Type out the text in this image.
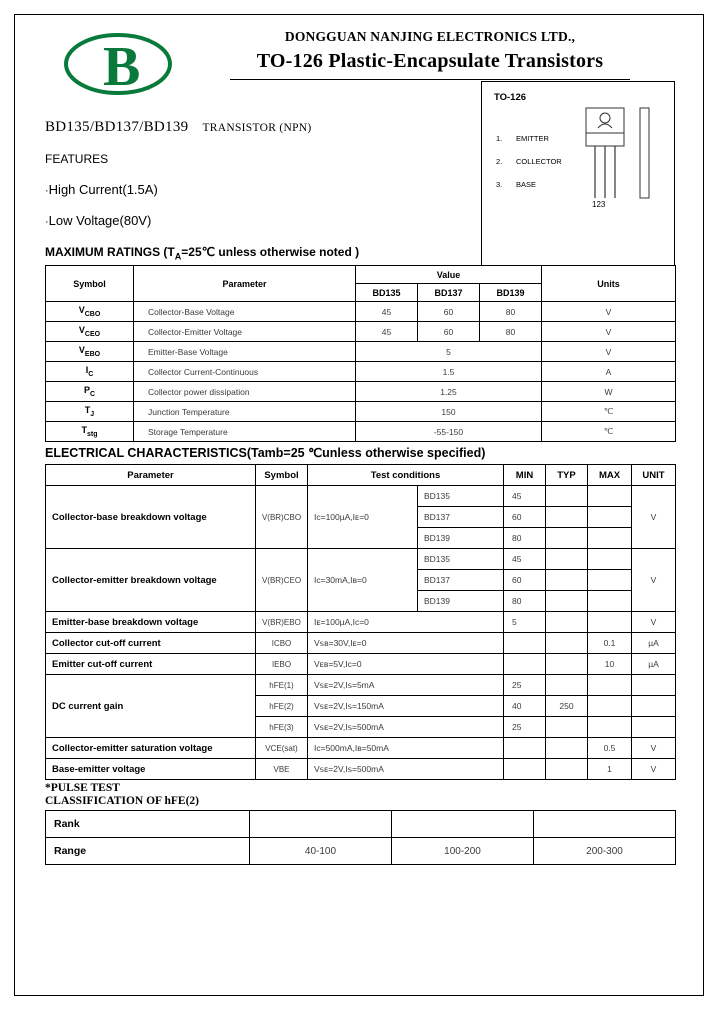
B	DONGGUAN NANJING ELECTRONICS LTD.,
TO-126 Plastic-Encapsulate Transistors
BD135/BD137/BD139 TRANSISTOR (NPN)
FEATURES
·High Current(1.5A)
·Low Voltage(80V)
TO-126
1. EMITTER
2. COLLECTOR
3. BASE
123
MAXIMUM RATINGS ($T_A=25℃$ unless otherwise noted )
Symbol	Parameter	Value			Units
		BD135	BD137	BD139	
$V_{CBO}$	Collector-Base Voltage	45	60	80	V
$V_{CEO}$	Collector-Emitter Voltage	45	60	80	V
$V_{EBO}$	Emitter-Base Voltage	5			V
$I_C$	Collector Current-Continuous	1.5			A
$P_C$	Collector power dissipation	1.25			W
$T_J$	Junction Temperature	150			℃
$T_{stg}$	Storage Temperature	-55-150			℃
ELECTRICAL CHARACTERISTICS(Tamb=25 ℃unless otherwise specified)
Parameter	Symbol	Test conditions		MIN	TYP	MAX	UNIT
Collector-base breakdown voltage	V(BR)CBO	Ic=100µA,Iᴇ=0	BD135	45			V
			BD137	60			
			BD139	80			
Collector-emitter breakdown voltage	V(BR)CEO	Ic=30mA,Iʙ=0	BD135	45			V
			BD137	60			
			BD139	80			
Emitter-base breakdown voltage	V(BR)EBO	Iᴇ=100µA,Ic=0		5			V
Collector cut-off current	ICBO	Vꜱʙ=30V,Iᴇ=0				0.1	µA
Emitter cut-off current	IEBO	Vᴇʙ=5V,Ic=0				10	µA
DC current gain	hFE(1)	Vꜱᴇ=2V,Iꜱ=5mA		25			
	hFE(2)	Vꜱᴇ=2V,Iꜱ=150mA		40	250		
	hFE(3)	Vꜱᴇ=2V,Iꜱ=500mA		25			
Collector-emitter saturation voltage	VCE(sat)	Ic=500mA,Iʙ=50mA				0.5	V
Base-emitter voltage	VBE	Vꜱᴇ=2V,Iꜱ=500mA				1	V
*PULSE TEST
CLASSIFICATION OF hFE(2)
Rank			
Range	40-100	100-200	200-300
